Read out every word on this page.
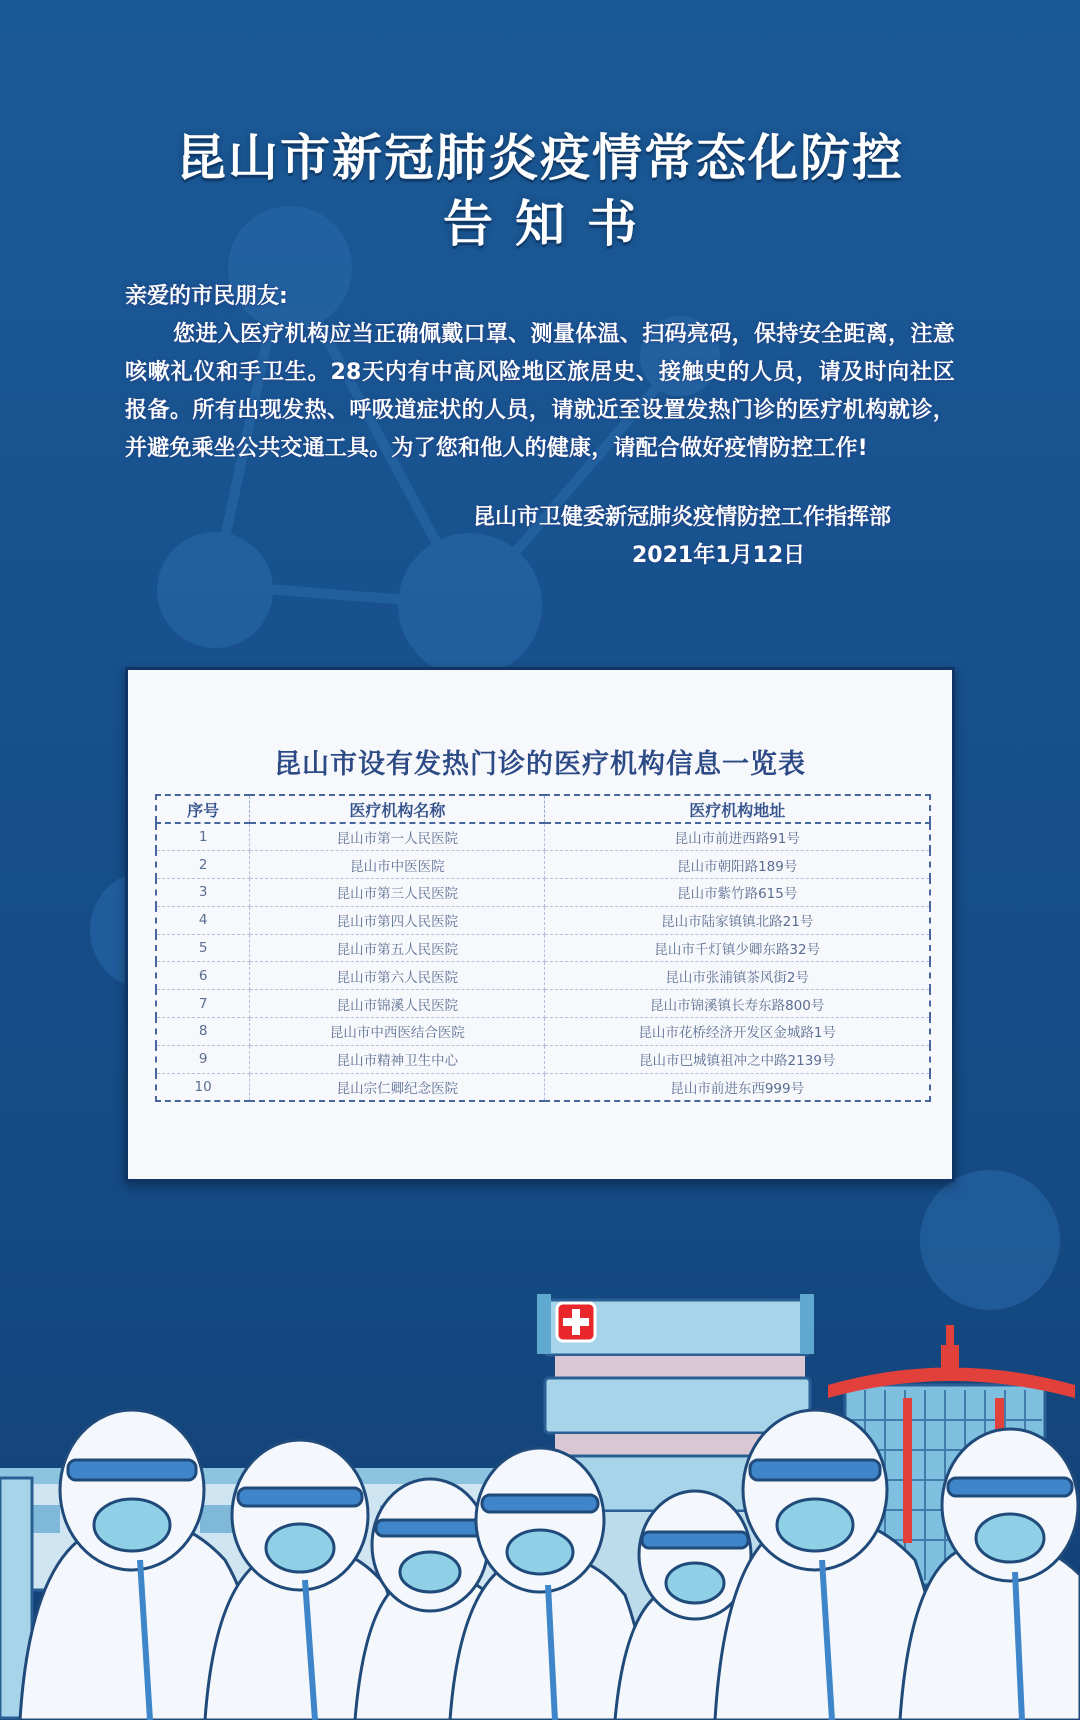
昆山市新冠肺炎疫情常态化防控
告知书
亲爱的市民朋友:
您进入医疗机构应当正确佩戴口罩、测量体温、扫码亮码，保持安全距离，注意咳嗽礼仪和手卫生。28天内有中高风险地区旅居史、接触史的人员，请及时向社区报备。所有出现发热、呼吸道症状的人员，请就近至设置发热门诊的医疗机构就诊，并避免乘坐公共交通工具。为了您和他人的健康，请配合做好疫情防控工作!
昆山市卫健委新冠肺炎疫情防控工作指挥部
2021年1月12日
昆山市设有发热门诊的医疗机构信息一览表
序号	医疗机构名称	医疗机构地址
1	昆山市第一人民医院	昆山市前进西路91号
2	昆山市中医医院	昆山市朝阳路189号
3	昆山市第三人民医院	昆山市紫竹路615号
4	昆山市第四人民医院	昆山市陆家镇镇北路21号
5	昆山市第五人民医院	昆山市千灯镇少卿东路32号
6	昆山市第六人民医院	昆山市张浦镇茶风街2号
7	昆山市锦溪人民医院	昆山市锦溪镇长寿东路800号
8	昆山市中西医结合医院	昆山市花桥经济开发区金城路1号
9	昆山市精神卫生中心	昆山市巴城镇祖冲之中路2139号
10	昆山宗仁卿纪念医院	昆山市前进东西999号
